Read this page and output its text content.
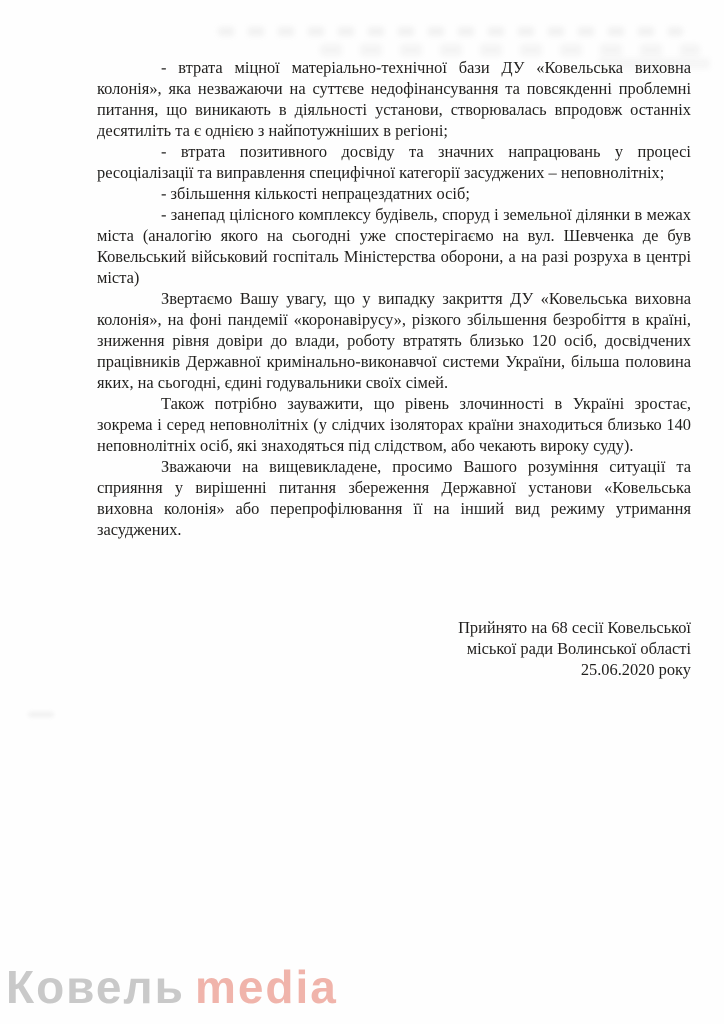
- втрата міцної матеріально-технічної бази ДУ «Ковельська виховна колонія», яка незважаючи на суттєве недофінансування та повсякденні проблемні питання, що виникають в діяльності установи, створювалась впродовж останніх десятиліть та є однією з найпотужніших в регіоні;

- втрата позитивного досвіду та значних напрацювань у процесі ресоціалізації та виправлення специфічної категорії засуджених – неповнолітніх;

- збільшення кількості непрацездатних осіб;

- занепад цілісного комплексу будівель, споруд і земельної ділянки в межах міста (аналогію якого на сьогодні уже спостерігаємо на вул. Шевченка де був Ковельський військовий госпіталь Міністерства оборони, а на разі розруха в центрі міста)

Звертаємо Вашу увагу, що у випадку закриття ДУ «Ковельська виховна колонія», на фоні пандемії «коронавірусу», різкого збільшення безробіття в країні, зниження рівня довіри до влади, роботу втратять близько 120 осіб, досвідчених працівників Державної кримінально-виконавчої системи України, більша половина яких, на сьогодні, єдині годувальники своїх сімей.

Також потрібно зауважити, що рівень злочинності в Україні зростає, зокрема і серед неповнолітніх (у слідчих ізоляторах країни знаходиться близько 140 неповнолітніх осіб, які знаходяться під слідством, або чекають вироку суду).

Зважаючи на вищевикладене, просимо Вашого розуміння ситуації та сприяння у вирішенні питання збереження Державної установи «Ковельська виховна колонія» або перепрофілювання її на інший вид режиму утримання засуджених.

Прийнято на 68 сесії Ковельської
міської ради Волинської області
25.06.2020 року
Ковель media
